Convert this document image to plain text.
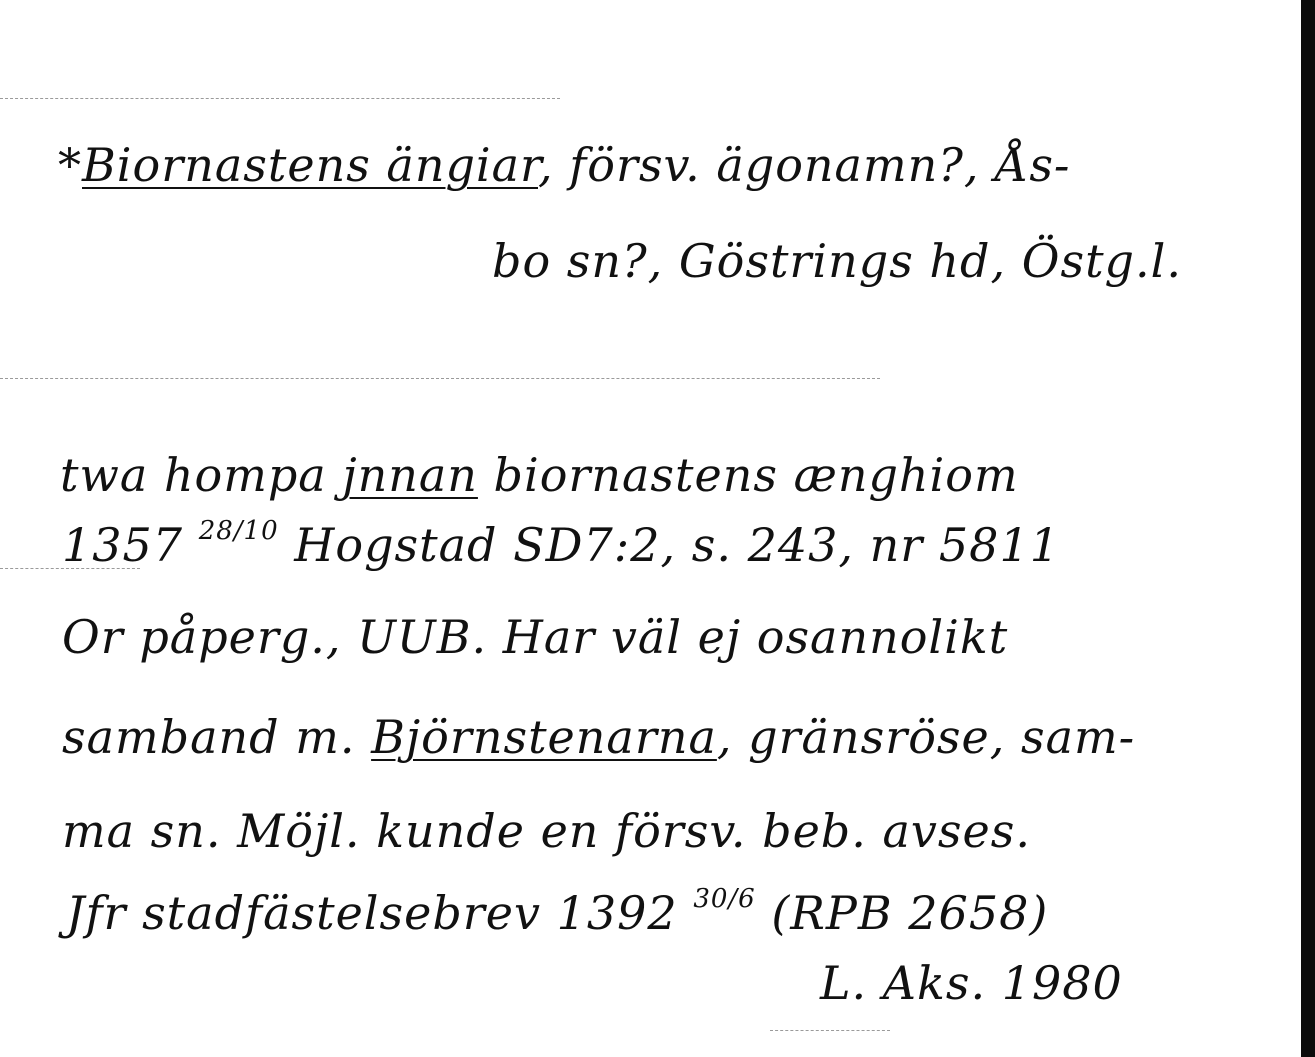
*Biornastens ängiar, försv. ägonamn?, Ås-
bo sn?, Göstrings hd, Östg.l.
twa hompa jnnan biornastens ænghiom
1357 $^{28/10}$ Hogstad SD7:2, s. 243, nr 5811
Or påperg., UUB. Har väl ej osannolikt
samband m. Björnstenarna, gränsröse, sam-
ma sn. Möjl. kunde en försv. beb. avses.
Jfr stadfästelsebrev 1392 $^{30/6}$ (RPB 2658)
L. Aks. 1980
